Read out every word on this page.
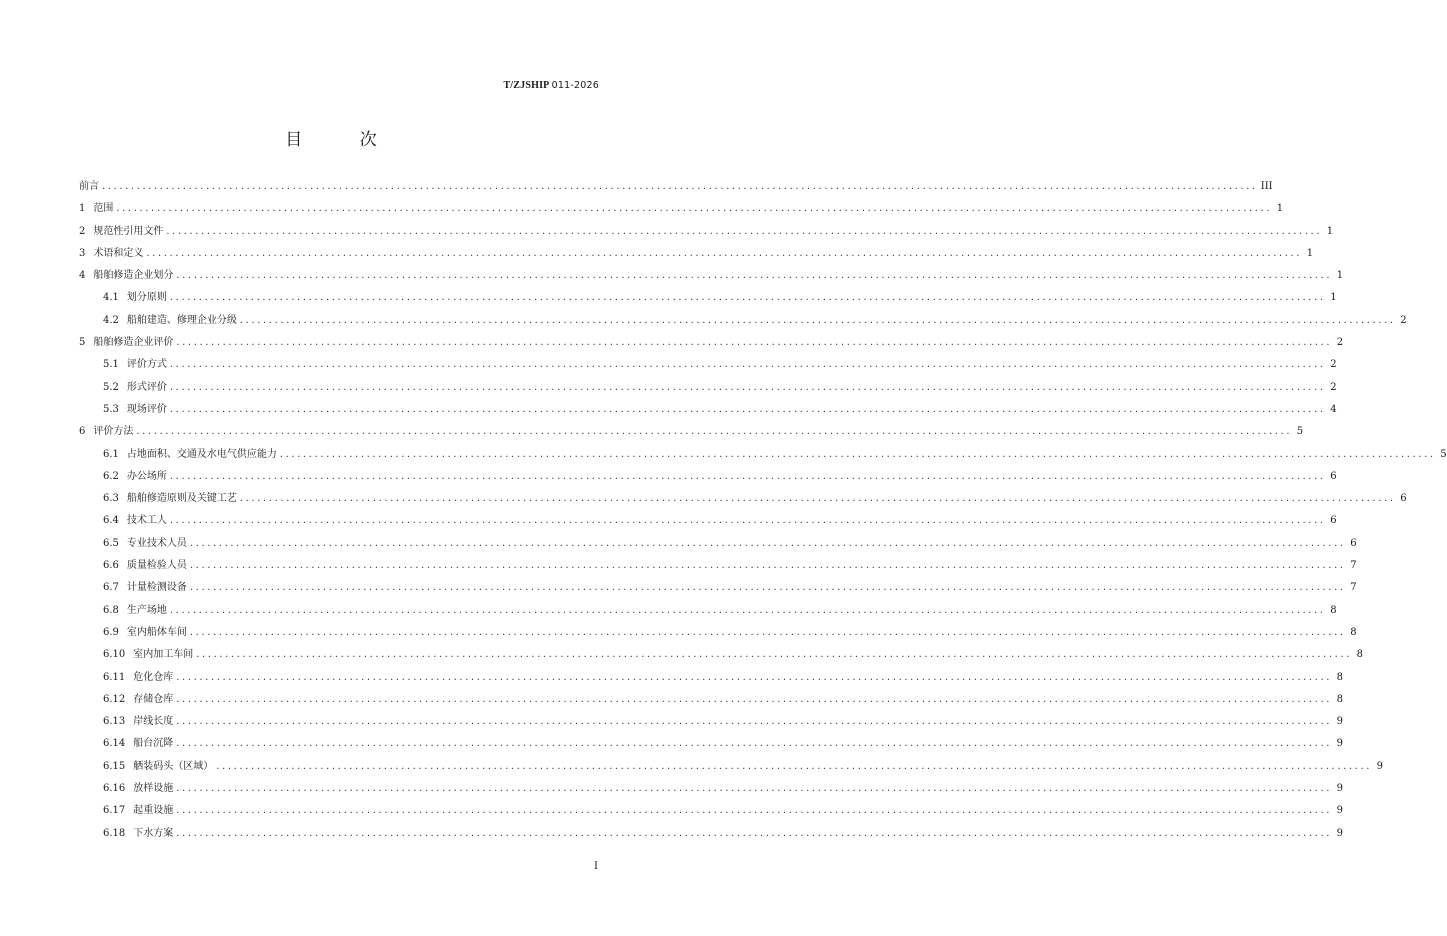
T/ZJSHIP 011-2026
目 次
前言 ........................................................................................................................................................................................................ III
1 范围 ........................................................................................................................................................................................................ 1
2 规范性引用文件 ........................................................................................................................................................................................................ 1
3 术语和定义 ........................................................................................................................................................................................................ 1
4 船舶修造企业划分 ........................................................................................................................................................................................................ 1
4.1 划分原则 ........................................................................................................................................................................................................ 1
4.2 船舶建造、修理企业分级 ........................................................................................................................................................................................................ 2
5 船舶修造企业评价 ........................................................................................................................................................................................................ 2
5.1 评价方式 ........................................................................................................................................................................................................ 2
5.2 形式评价 ........................................................................................................................................................................................................ 2
5.3 现场评价 ........................................................................................................................................................................................................ 4
6 评价方法 ........................................................................................................................................................................................................ 5
6.1 占地面积、交通及水电气供应能力 ........................................................................................................................................................................................................ 5
6.2 办公场所 ........................................................................................................................................................................................................ 6
6.3 船舶修造原则及关键工艺 ........................................................................................................................................................................................................ 6
6.4 技术工人 ........................................................................................................................................................................................................ 6
6.5 专业技术人员 ........................................................................................................................................................................................................ 6
6.6 质量检验人员 ........................................................................................................................................................................................................ 7
6.7 计量检测设备 ........................................................................................................................................................................................................ 7
6.8 生产场地 ........................................................................................................................................................................................................ 8
6.9 室内船体车间 ........................................................................................................................................................................................................ 8
6.10 室内加工车间 ........................................................................................................................................................................................................ 8
6.11 危化仓库 ........................................................................................................................................................................................................ 8
6.12 存储仓库 ........................................................................................................................................................................................................ 8
6.13 岸线长度 ........................................................................................................................................................................................................ 9
6.14 船台沉降 ........................................................................................................................................................................................................ 9
6.15 舾装码头（区域） ........................................................................................................................................................................................................ 9
6.16 放样设施 ........................................................................................................................................................................................................ 9
6.17 起重设施 ........................................................................................................................................................................................................ 9
6.18 下水方案 ........................................................................................................................................................................................................ 9
I
